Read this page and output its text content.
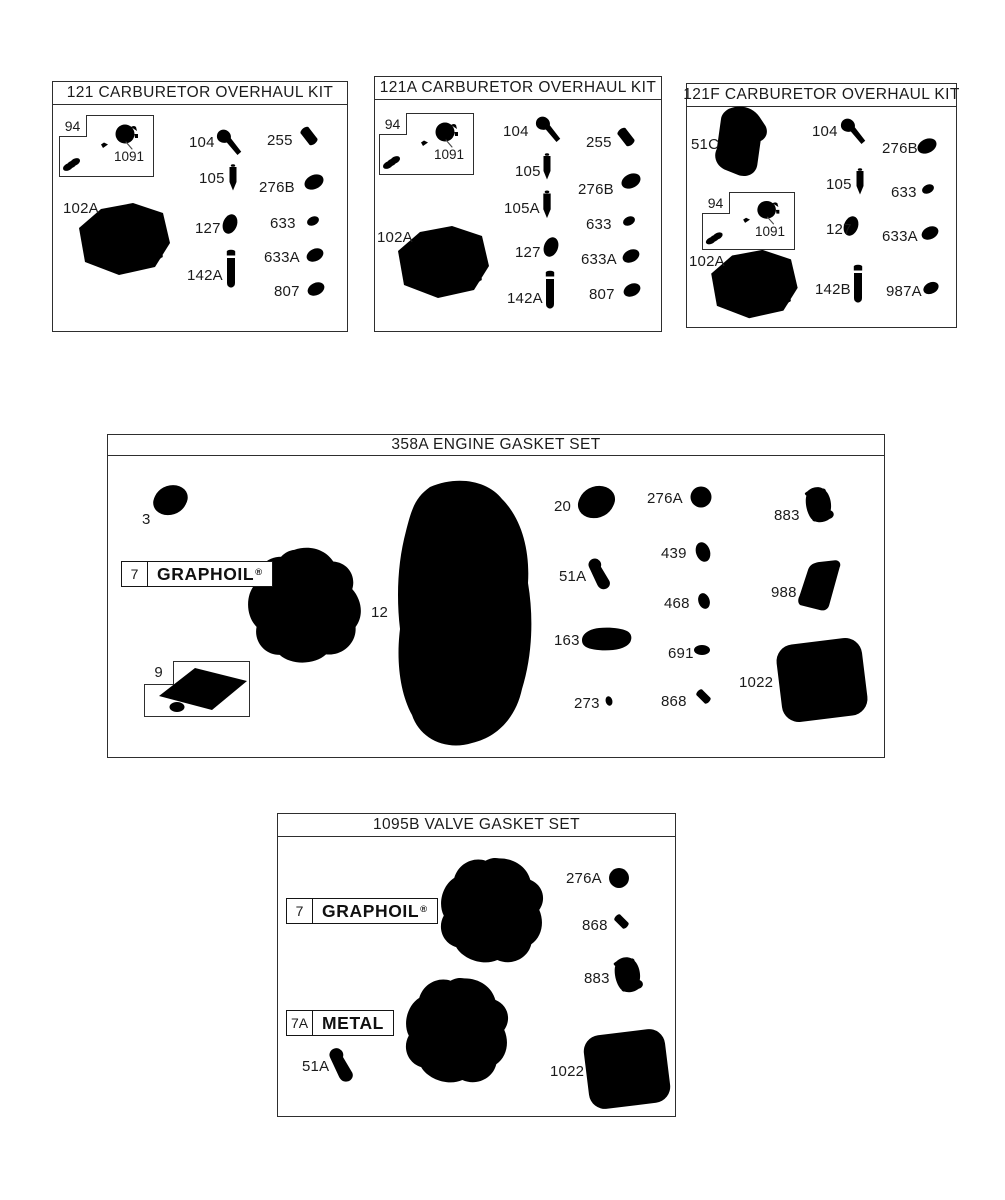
121 CARBURETOR OVERHAUL KIT
102A
104	255
105
276B
127	633
142A
633A
807
94
1091
121A CARBURETOR OVERHAUL KIT
102A
104
255
105
276B
105A
633
127	633A
142A	807
94
1091
121F CARBURETOR OVERHAUL KIT
51C
104
276B
105	633
127 633A
102A
142B 987A
94
1091
358A ENGINE GASKET SET
3
12
20	276A
883
439
51A
988
468
163
691
1022
273	868
7	GRAPHOIL ®
9
1095B VALVE GASKET SET
276A
868
883
51A	1022
7	GRAPHOIL ®
7A METAL
